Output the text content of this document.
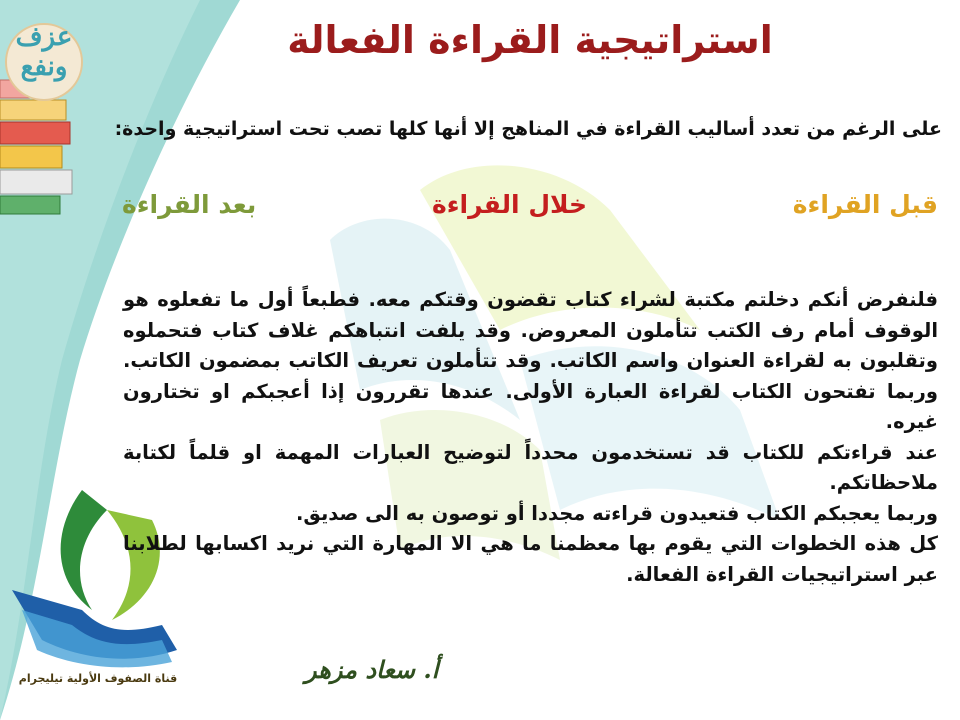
عزف ونفع
استراتيجية القراءة الفعالة
على الرغم من تعدد أساليب القراءة في المناهج إلا أنها كلها تصب تحت استراتيجية واحدة:
قبل القراءة
خلال القراءة
بعد القراءة

فلنفرض أنكم دخلتم مكتبة لشراء كتاب تقضون وقتكم معه. فطبعاً أول ما تفعلوه هو الوقوف أمام رف الكتب تتأملون المعروض. وقد يلفت انتباهكم غلاف كتاب فتحملوه وتقلبون به لقراءة العنوان واسم الكاتب. وقد تتأملون تعريف الكاتب بمضمون الكاتب. وربما تفتحون الكتاب لقراءة العبارة الأولى. عندها تقررون إذا أعجبكم او تختارون غيره.

عند قراءتكم للكتاب قد تستخدمون محدداً لتوضيح العبارات المهمة او قلماً لكتابة ملاحظاتكم.

وربما يعجبكم الكتاب فتعيدون قراءته مجددا أو توصون به الى صديق.

كل هذه الخطوات التي يقوم بها معظمنا ما هي الا المهارة التي نريد اكسابها لطلابنا عبر استراتيجيات القراءة الفعالة.

أ. سعاد مزهر
قناة الصفوف الأولية تيليجرام
